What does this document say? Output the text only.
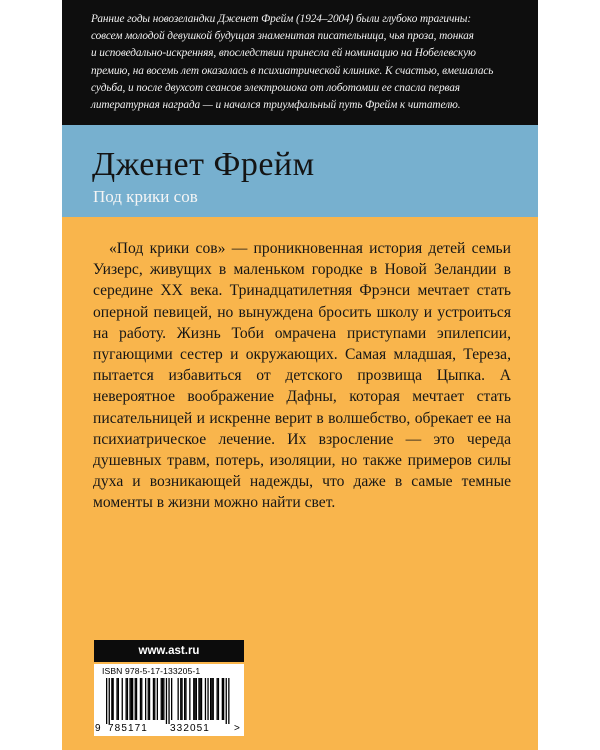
Ранние годы новозеландки Дженет Фрейм (1924–2004) были глубоко трагичны:
совсем молодой девушкой будущая знаменитая писательница, чья проза, тонкая
и исповедально-искренняя, впоследствии принесла ей номинацию на Нобелевскую
премию, на восемь лет оказалась в психиатрической клинике. К счастью, вмешалась
судьба, и после двухсот сеансов электрошока от лоботомии ее спасла первая
литературная награда — и начался триумфальный путь Фрейм к читателю.
Дженет Фрейм
Под крики сов

«Под крики сов» — проникновенная история детей семьи Уизерс, живущих в маленьком городке в Новой Зеландии в середине XX века. Тринадцатилетняя Фрэнси мечтает стать оперной певицей, но вынуждена бросить школу и устроиться на работу. Жизнь Тоби омрачена приступами эпилепсии, пугающими сестер и окружающих. Самая младшая, Тереза, пытается избавиться от детского прозвища Цыпка. А невероятное воображение Дафны, которая мечтает стать писательницей и искренне верит в волшебство, обрекает ее на психиатрическое лечение. Их взросление — это череда душевных травм, потерь, изоляции, но также примеров силы духа и возникающей надежды, что даже в самые темные моменты в жизни можно найти свет.

www.ast.ru
ISBN 978-5-17-133205-1
9 785171 332051 >
